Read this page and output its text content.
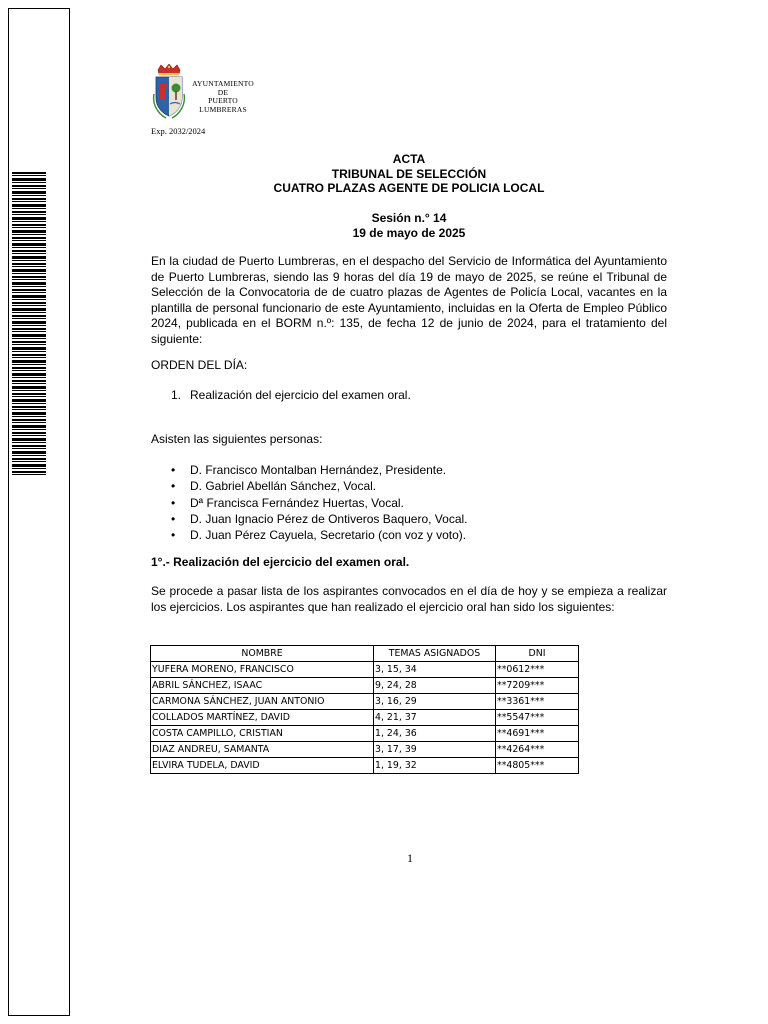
AYUNTAMIENTO
DE
PUERTO
LUMBRERAS
Exp. 2032/2024
ACTA
TRIBUNAL DE SELECCIÓN
CUATRO PLAZAS AGENTE DE POLICIA LOCAL
Sesión n.° 14
19 de mayo de 2025

En la ciudad de Puerto Lumbreras, en el despacho del Servicio de Informática del Ayuntamiento de Puerto Lumbreras, siendo las 9 horas del día 19 de mayo de 2025, se reúne el Tribunal de Selección de la Convocatoria de de cuatro plazas de Agentes de Policía Local, vacantes en la plantilla de personal funcionario de este Ayuntamiento, incluidas en la Oferta de Empleo Público 2024, publicada en el BORM n.º: 135, de fecha 12 de junio de 2024, para el tratamiento del siguiente:

ORDEN DEL DÍA:
1. Realización del ejercicio del examen oral.
Asisten las siguientes personas:
• D. Francisco Montalban Hernández, Presidente.
• D. Gabriel Abellán Sánchez, Vocal.
• Dª Francisca Fernández Huertas, Vocal.
• D. Juan Ignacio Pérez de Ontiveros Baquero, Vocal.
• D. Juan Pérez Cayuela, Secretario (con voz y voto).
1°.- Realización del ejercicio del examen oral.

Se procede a pasar lista de los aspirantes convocados en el día de hoy y se empieza a realizar los ejercicios. Los aspirantes que han realizado el ejercicio oral han sido los siguientes:

NOMBRE	TEMAS ASIGNADOS	DNI
YUFERA MORENO, FRANCISCO	3, 15, 34	**0612***
ABRIL SÁNCHEZ, ISAAC	9, 24, 28	**7209***
CARMONA SÁNCHEZ, JUAN ANTONIO	3, 16, 29	**3361***
COLLADOS MARTÍNEZ, DAVID	4, 21, 37	**5547***
COSTA CAMPILLO, CRISTIAN	1, 24, 36	**4691***
DIAZ ANDREU, SAMANTA	3, 17, 39	**4264***
ELVIRA TUDELA, DAVID	1, 19, 32	**4805***
1
